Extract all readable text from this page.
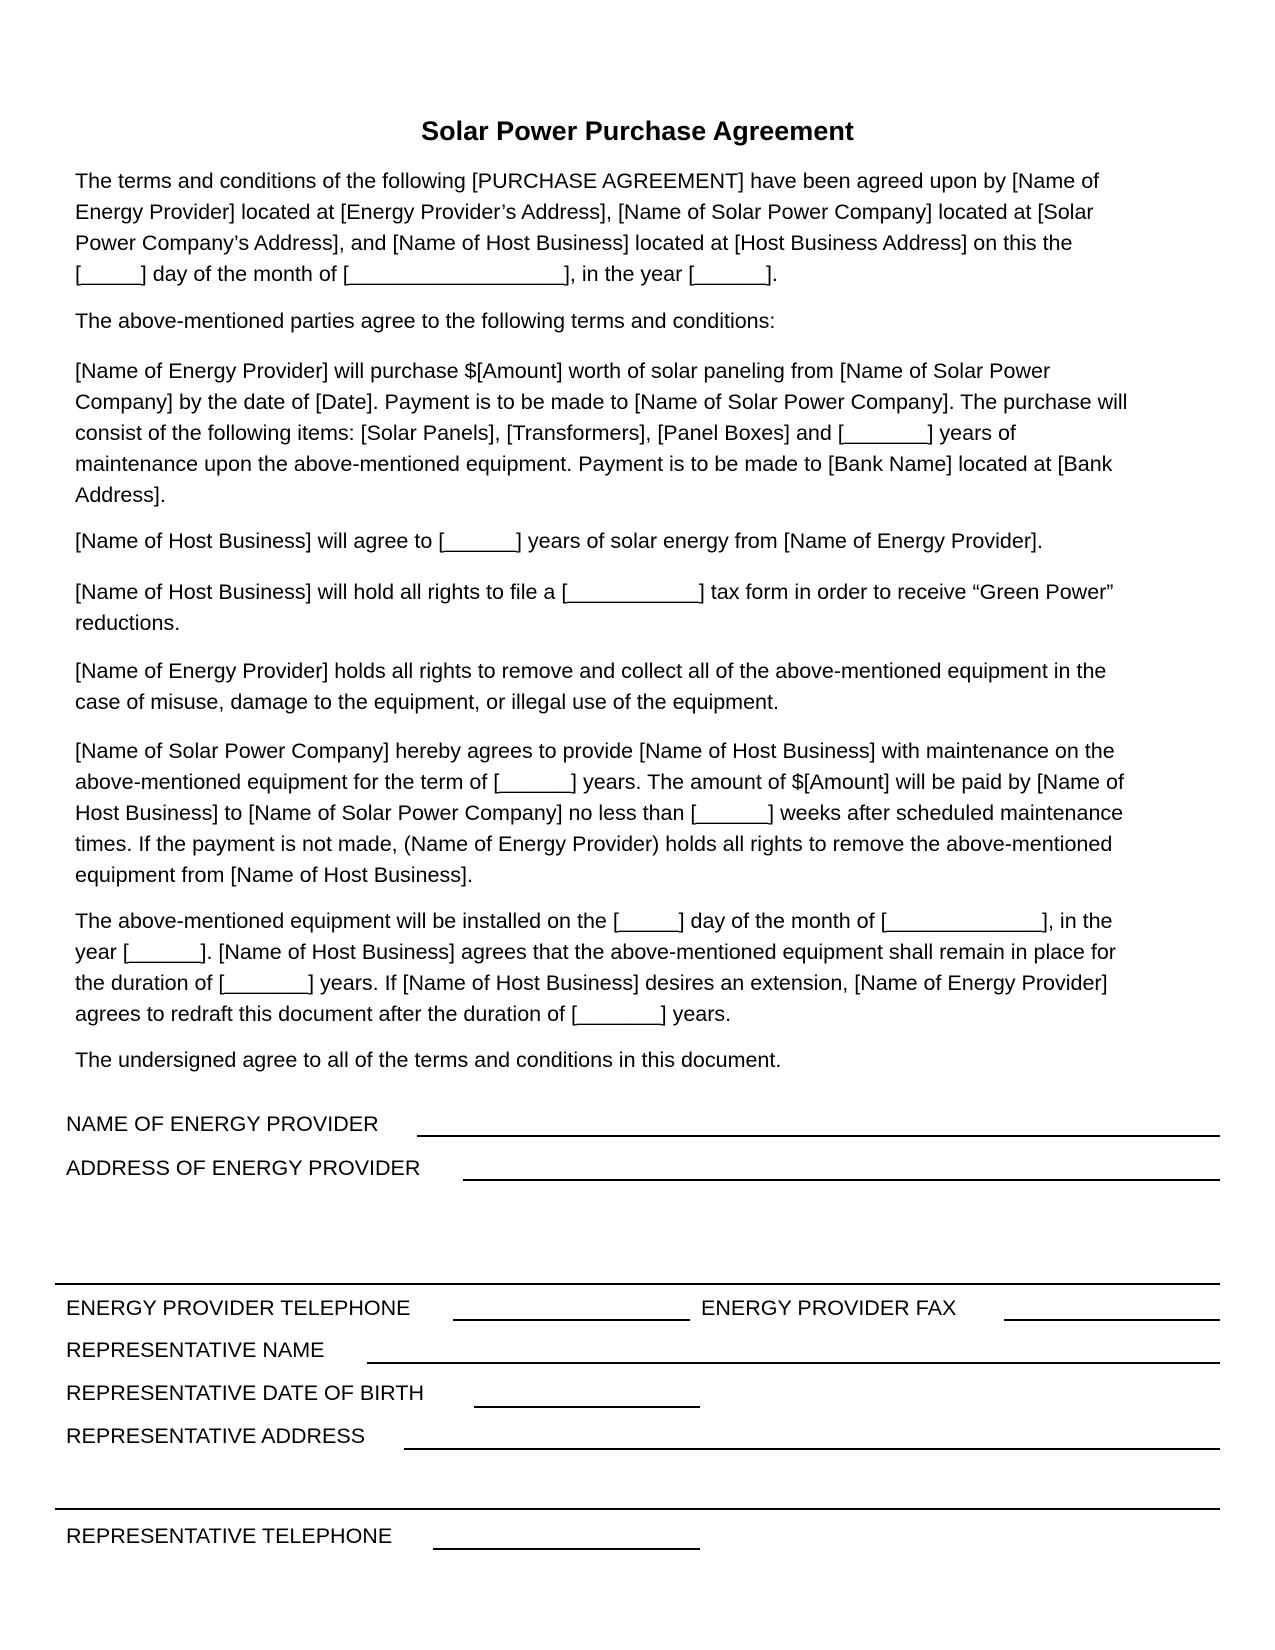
Solar Power Purchase Agreement
The terms and conditions of the following [PURCHASE AGREEMENT] have been agreed upon by [Name of
Energy Provider] located at [Energy Provider’s Address], [Name of Solar Power Company] located at [Solar
Power Company’s Address], and [Name of Host Business] located at [Host Business Address] on this the
[_____] day of the month of [__________________], in the year [______].
The above-mentioned parties agree to the following terms and conditions:
[Name of Energy Provider] will purchase $[Amount] worth of solar paneling from [Name of Solar Power
Company] by the date of [Date]. Payment is to be made to [Name of Solar Power Company]. The purchase will
consist of the following items: [Solar Panels], [Transformers], [Panel Boxes] and [_______] years of
maintenance upon the above-mentioned equipment. Payment is to be made to [Bank Name] located at [Bank
Address].
[Name of Host Business] will agree to [______] years of solar energy from [Name of Energy Provider].
[Name of Host Business] will hold all rights to file a [___________] tax form in order to receive “Green Power”
reductions.
[Name of Energy Provider] holds all rights to remove and collect all of the above-mentioned equipment in the
case of misuse, damage to the equipment, or illegal use of the equipment.
[Name of Solar Power Company] hereby agrees to provide [Name of Host Business] with maintenance on the
above-mentioned equipment for the term of [______] years. The amount of $[Amount] will be paid by [Name of
Host Business] to [Name of Solar Power Company] no less than [______] weeks after scheduled maintenance
times. If the payment is not made, (Name of Energy Provider) holds all rights to remove the above-mentioned
equipment from [Name of Host Business].
The above-mentioned equipment will be installed on the [_____] day of the month of [_____________], in the
year [______]. [Name of Host Business] agrees that the above-mentioned equipment shall remain in place for
the duration of [_______] years. If [Name of Host Business] desires an extension, [Name of Energy Provider]
agrees to redraft this document after the duration of [_______] years.
The undersigned agree to all of the terms and conditions in this document.
NAME OF ENERGY PROVIDER
ADDRESS OF ENERGY PROVIDER
ENERGY PROVIDER TELEPHONE	ENERGY PROVIDER FAX
REPRESENTATIVE NAME
REPRESENTATIVE DATE OF BIRTH
REPRESENTATIVE ADDRESS
REPRESENTATIVE TELEPHONE
